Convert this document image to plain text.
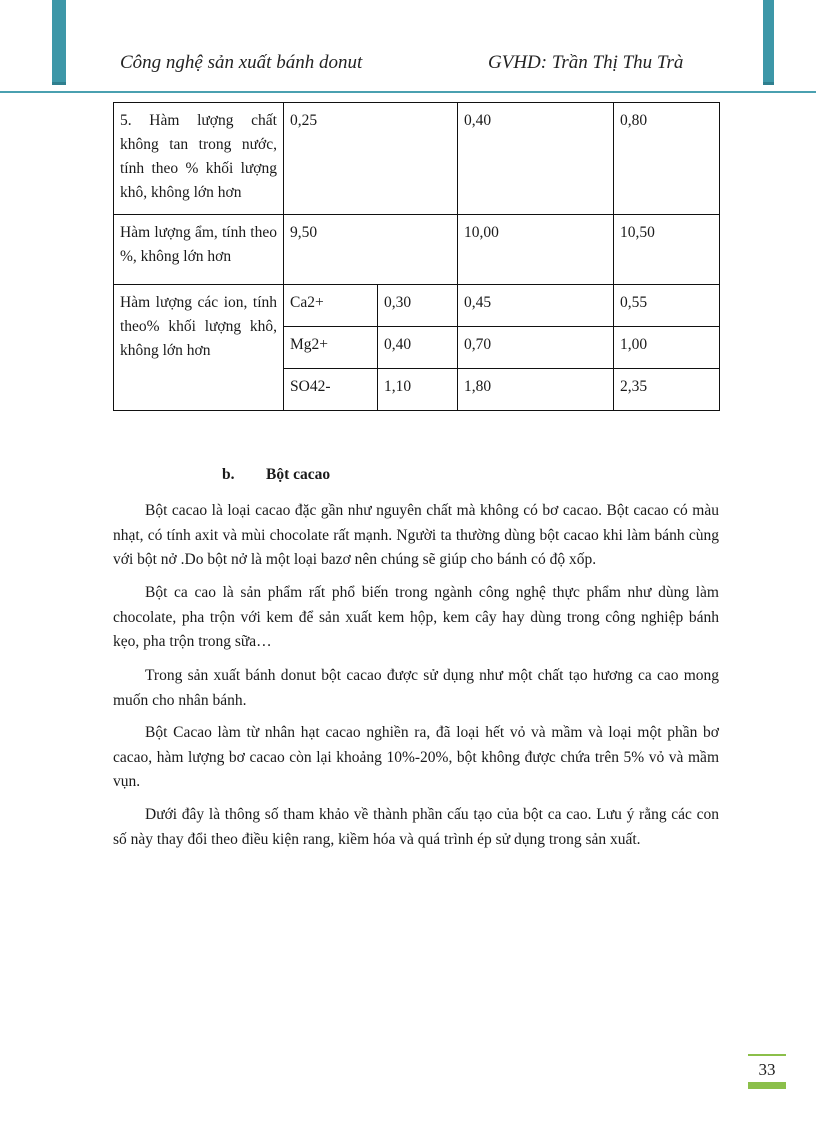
Công nghệ sản xuất bánh donut	GVHD: Trần Thị Thu Trà
5. Hàm lượng chất không tan trong nước, tính theo % khối lượng khô, không lớn hơn	0,25		0,40	0,80
Hàm lượng ẩm, tính theo %, không lớn hơn	9,50		10,00	10,50
Hàm lượng các ion, tính theo% khối lượng khô, không lớn hơn	Ca2+	0,30	0,45	0,55
	Mg2+	0,40	0,70	1,00
	SO42-	1,10	1,80	2,35
b. Bột cacao

Bột cacao là loại cacao đặc gần như nguyên chất mà không có bơ cacao. Bột cacao có màu nhạt, có tính axit và mùi chocolate rất mạnh. Người ta thường dùng bột cacao khi làm bánh cùng với bột nở .Do bột nở là một loại bazơ nên chúng sẽ giúp cho bánh có độ xốp.

Bột ca cao là sản phẩm rất phổ biến trong ngành công nghệ thực phẩm như dùng làm chocolate, pha trộn với kem để sản xuất kem hộp, kem cây hay dùng trong công nghiệp bánh kẹo, pha trộn trong sữa…

Trong sản xuất bánh donut bột cacao được sử dụng như một chất tạo hương ca cao mong muốn cho nhân bánh.

Bột Cacao làm từ nhân hạt cacao nghiền ra, đã loại hết vỏ và mầm và loại một phần bơ cacao, hàm lượng bơ cacao còn lại khoảng 10%-20%, bột không được chứa trên 5% vỏ và mầm vụn.

Dưới đây là thông số tham khảo về thành phần cấu tạo của bột ca cao. Lưu ý rằng các con số này thay đổi theo điều kiện rang, kiềm hóa và quá trình ép sử dụng trong sản xuất.

33
